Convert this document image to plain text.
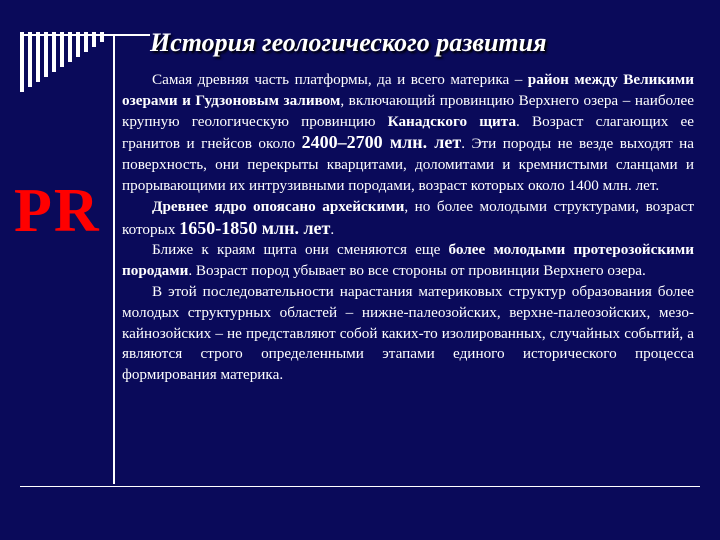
PR
История геологического развития

Самая древняя часть платформы, да и всего материка – район между Великими озерами и Гудзоновым заливом, включающий провинцию Верхнего озера – наиболее крупную геологическую провинцию Канадского щита. Возраст слагающих ее гранитов и гнейсов около 2400–2700 млн. лет. Эти породы не везде выходят на поверхность, они перекрыты кварцитами, доломитами и кремнистыми сланцами и прорывающими их интрузивными породами, возраст которых около 1400 млн. лет.

Древнее ядро опоясано архейскими, но более молодыми структурами, возраст которых 1650-1850 млн. лет.

Ближе к краям щита они сменяются еще более молодыми протерозойскими породами. Возраст пород убывает во все стороны от провинции Верхнего озера.

В этой последовательности нарастания материковых структур образования более молодых структурных областей – нижне-палеозойских, верхне-палеозойских, мезо-кайнозойских – не представляют собой каких-то изолированных, случайных событий, а являются строго определенными этапами единого исторического процесса формирования материка.
